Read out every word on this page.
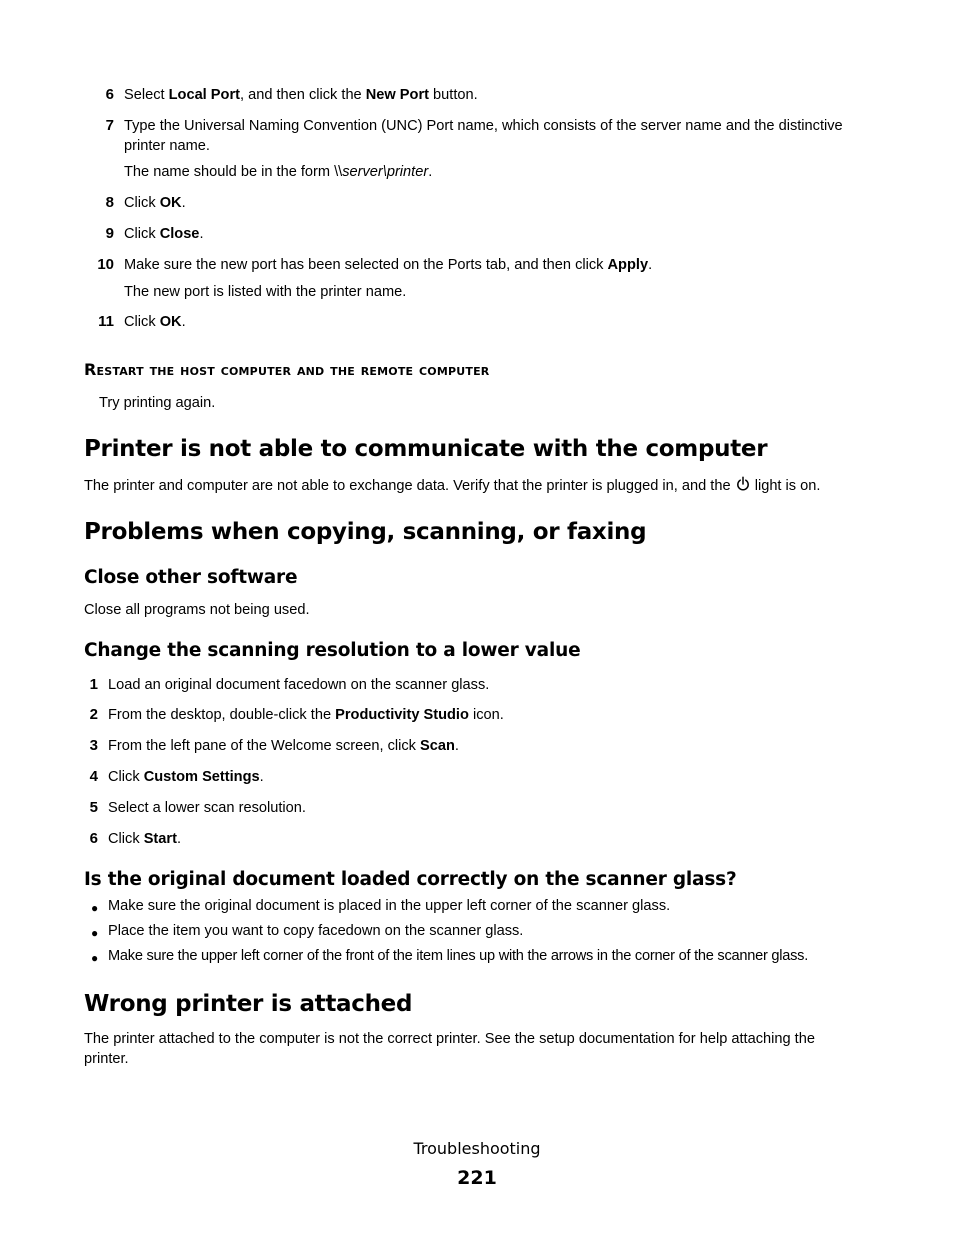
6 Select Local Port, and then click the New Port button.
7 Type the Universal Naming Convention (UNC) Port name, which consists of the server name and the distinctive
printer name.
The name should be in the form \\server\printer.
8 Click OK.
9 Click Close.
10 Make sure the new port has been selected on the Ports tab, and then click Apply.
The new port is listed with the printer name.
11 Click OK.
Restart the host computer and the remote computer
Try printing again.
Printer is not able to communicate with the computer
The printer and computer are not able to exchange data. Verify that the printer is plugged in, and the light is on.
Problems when copying, scanning, or faxing
Close other software
Close all programs not being used.
Change the scanning resolution to a lower value
1 Load an original document facedown on the scanner glass.
2 From the desktop, double-click the Productivity Studio icon.
3 From the left pane of the Welcome screen, click Scan.
4 Click Custom Settings.
5 Select a lower scan resolution.
6 Click Start.
Is the original document loaded correctly on the scanner glass?
● Make sure the original document is placed in the upper left corner of the scanner glass.
● Place the item you want to copy facedown on the scanner glass.
● Make sure the upper left corner of the front of the item lines up with the arrows in the corner of the scanner glass.
Wrong printer is attached
The printer attached to the computer is not the correct printer. See the setup documentation for help attaching the
printer.
Troubleshooting
221
